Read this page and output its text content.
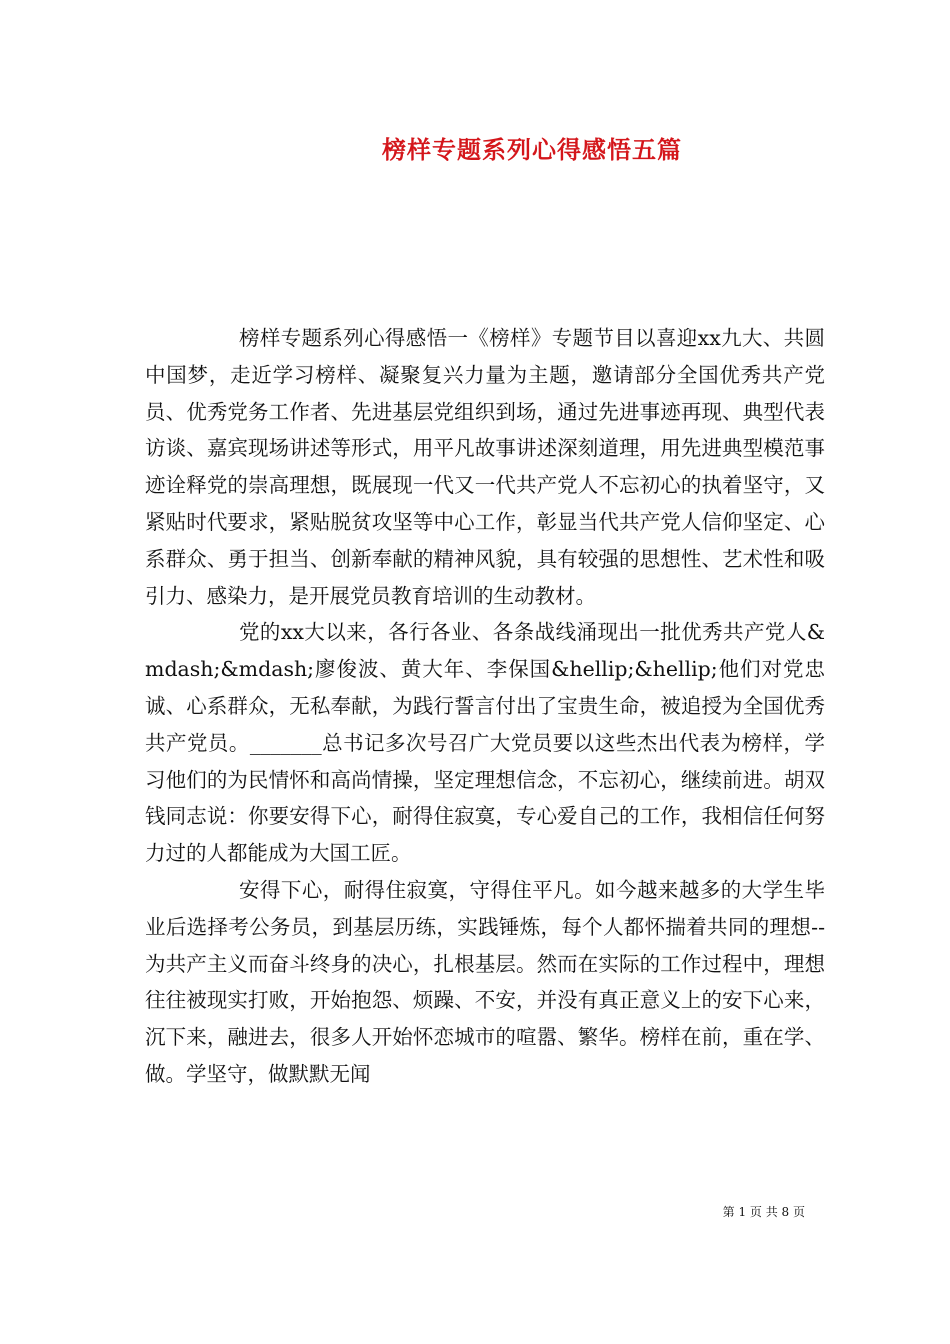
榜样专题系列心得感悟五篇

榜样专题系列心得感悟一《榜样》专题节目以喜迎xx九大、共圆中国梦，走近学习榜样、凝聚复兴力量为主题，邀请部分全国优秀共产党员、优秀党务工作者、先进基层党组织到场，通过先进事迹再现、典型代表访谈、嘉宾现场讲述等形式，用平凡故事讲述深刻道理，用先进典型模范事迹诠释党的崇高理想，既展现一代又一代共产党人不忘初心的执着坚守，又紧贴时代要求，紧贴脱贫攻坚等中心工作，彰显当代共产党人信仰坚定、心系群众、勇于担当、创新奉献的精神风貌，具有较强的思想性、艺术性和吸引力、感染力，是开展党员教育培训的生动教材。

党的xx大以来，各行各业、各条战线涌现出一批优秀共产党人&mdash;&mdash;廖俊波、黄大年、李保国&hellip;&hellip;他们对党忠诚、心系群众，无私奉献，为践行誓言付出了宝贵生命，被追授为全国优秀共产党员。_______总书记多次号召广大党员要以这些杰出代表为榜样，学习他们的为民情怀和高尚情操，坚定理想信念，不忘初心，继续前进。胡双钱同志说：你要安得下心，耐得住寂寞，专心爱自己的工作，我相信任何努力过的人都能成为大国工匠。

安得下心，耐得住寂寞，守得住平凡。如今越来越多的大学生毕业后选择考公务员，到基层历练，实践锤炼，每个人都怀揣着共同的理想--为共产主义而奋斗终身的决心，扎根基层。然而在实际的工作过程中，理想往往被现实打败，开始抱怨、烦躁、不安，并没有真正意义上的安下心来，沉下来，融进去，很多人开始怀恋城市的喧嚣、繁华。榜样在前，重在学、做。学坚守，做默默无闻

第 1 页 共 8 页
